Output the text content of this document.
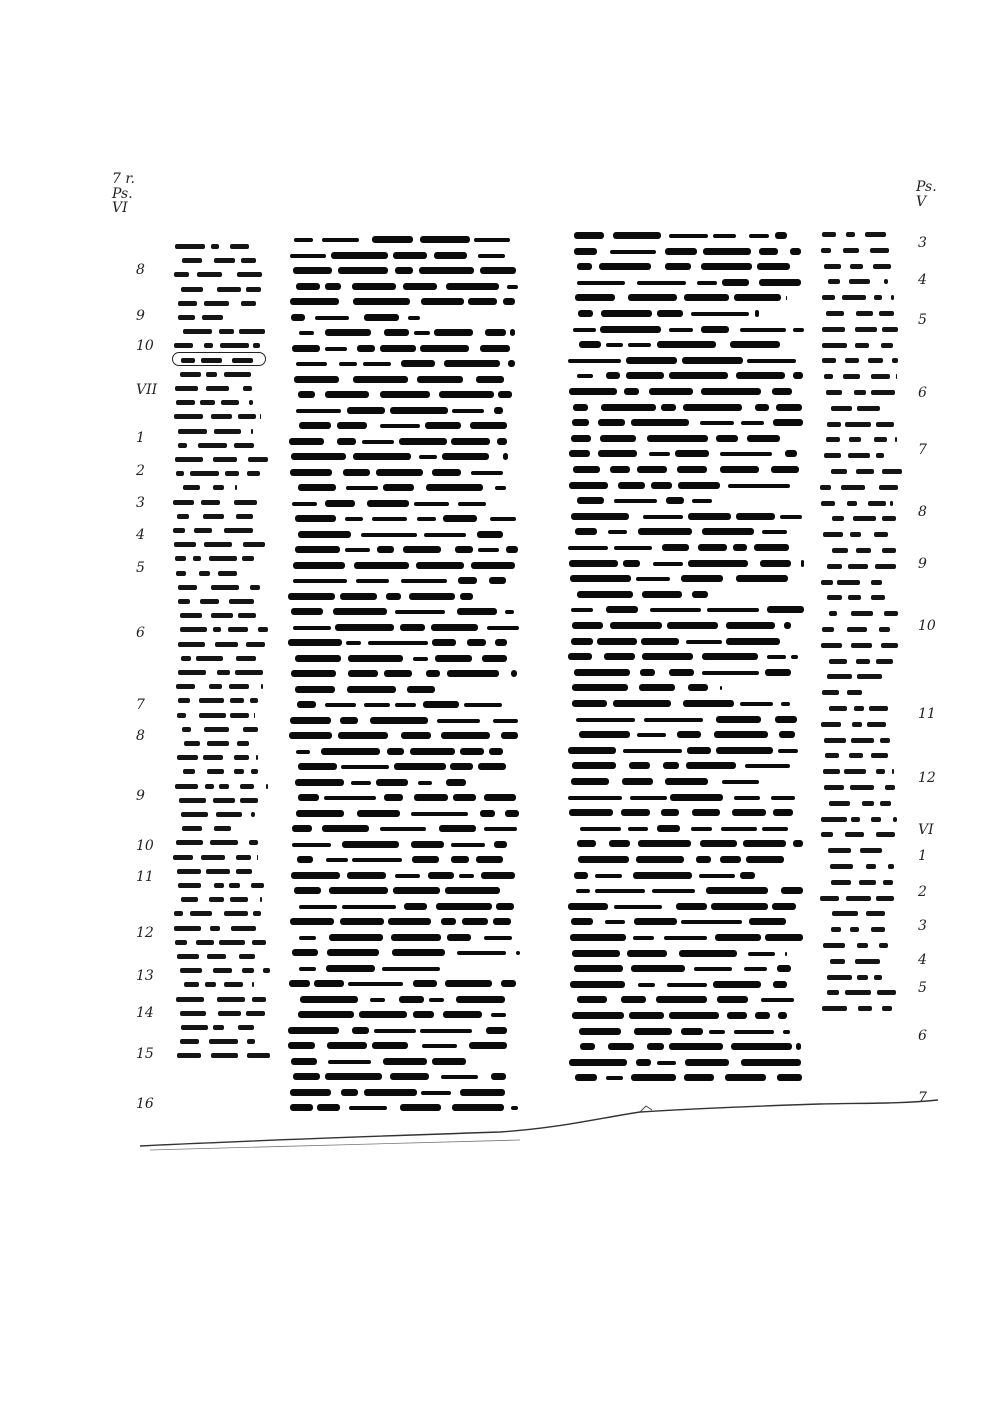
7 r.
Ps.
VI
Ps.
V
8
9
10
VII
1
2
3
4
5
6
7
8
9
10
11
12
13
14
15
16
3
4
5
6
7
8
9
10
11
12
VI
1
2
3
4
5
6
7
